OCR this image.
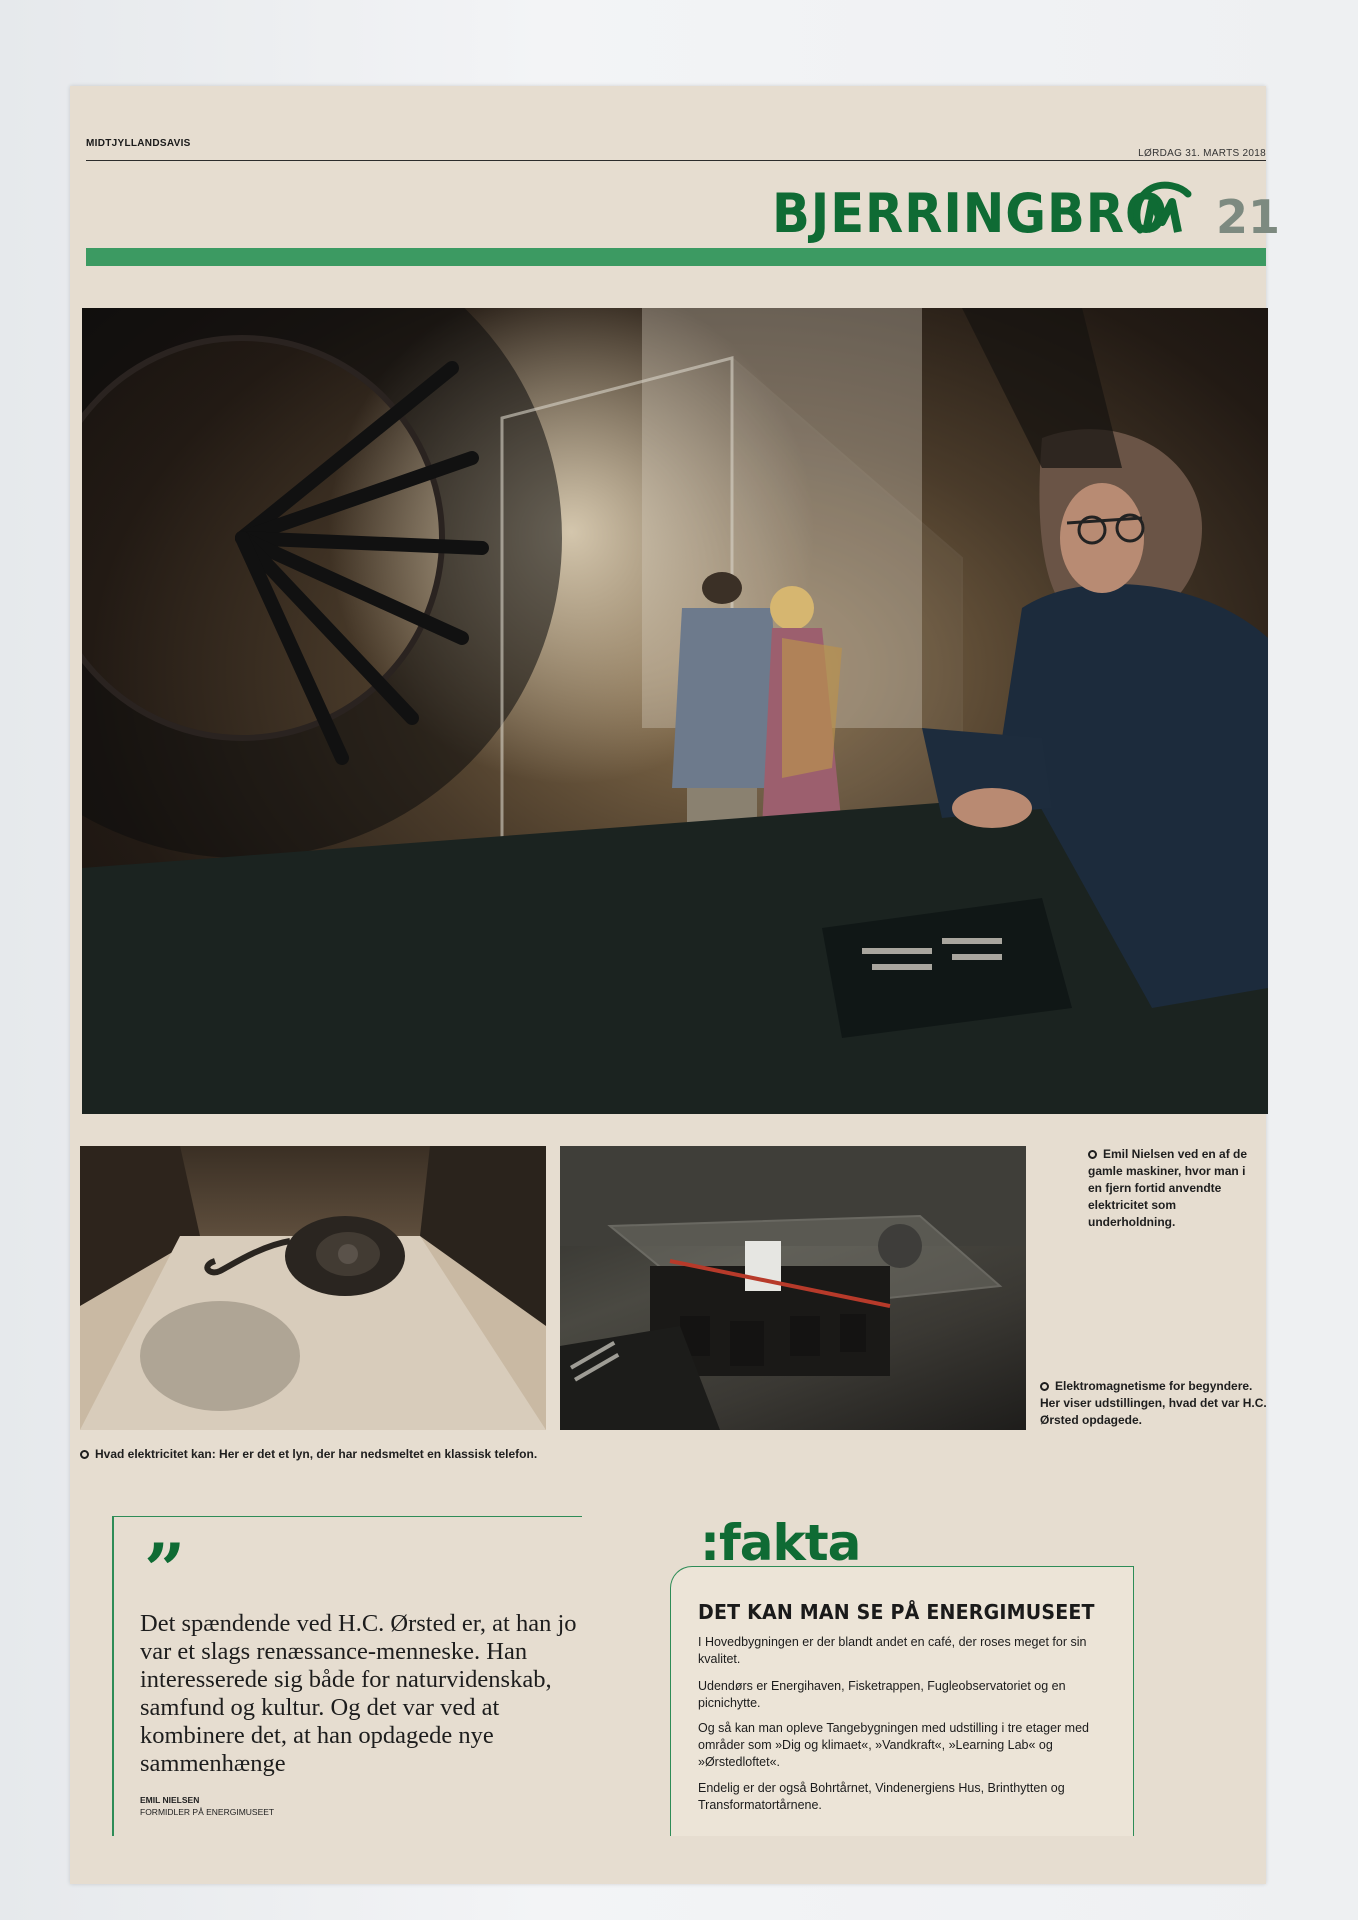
MIDTJYLLANDSAVIS
LØRDAG 31. MARTS 2018
BJERRINGBRO 21
Emil Nielsen ved en af de gamle maskiner, hvor man i en fjern fortid anvendte elektricitet som underholdning.
Elektromagnetisme for begyndere. Her viser udstillingen, hvad det var H.C. Ørsted opdagede.
Hvad elektricitet kan: Her er det et lyn, der har nedsmeltet en klassisk telefon.
”
Det spændende ved H.C. Ørsted er, at han jo var et slags renæssance-menneske. Han interesserede sig både for naturvidenskab, samfund og kultur. Og det var ved at kombinere det, at han opdagede nye sammenhænge
EMIL NIELSEN
FORMIDLER PÅ ENERGIMUSEET
:fakta
DET KAN MAN SE PÅ ENERGIMUSEET
I Hovedbygningen er der blandt andet en café, der roses meget for sin kvalitet.
Udendørs er Energihaven, Fisketrappen, Fugleobservatoriet og en picnichytte.
Og så kan man opleve Tangebygningen med udstilling i tre etager med områder som »Dig og klimaet«, »Vandkraft«, »Learning Lab« og »Ørstedloftet«.
Endelig er der også Bohrtårnet, Vindenergiens Hus, Brinthytten og Transformatortårnene.
